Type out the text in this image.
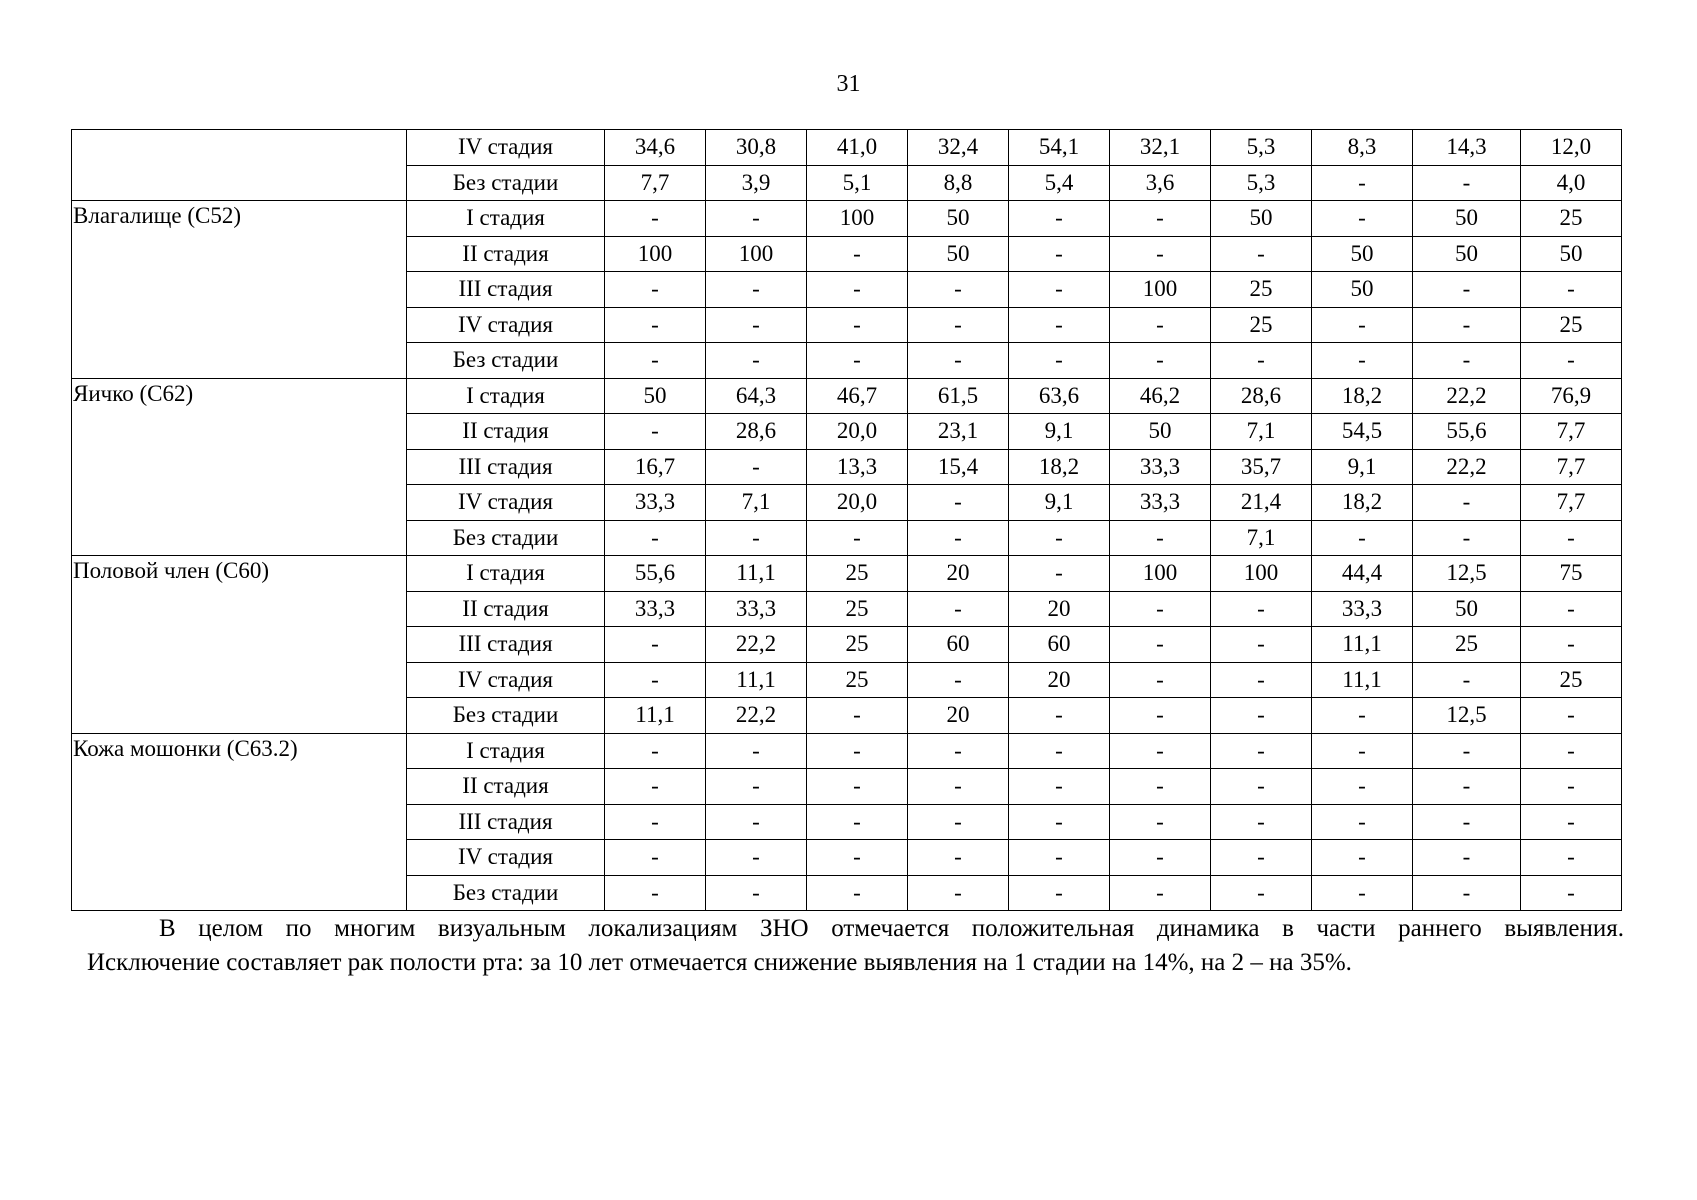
31
	IV стадия	34,6	30,8	41,0	32,4	54,1	32,1	5,3	8,3	14,3	12,0
	Без стадии	7,7	3,9	5,1	8,8	5,4	3,6	5,3	-	-	4,0
Влагалище (С52)	I стадия	-	-	100	50	-	-	50	-	50	25
	II стадия	100	100	-	50	-	-	-	50	50	50
	III стадия	-	-	-	-	-	100	25	50	-	-
	IV стадия	-	-	-	-	-	-	25	-	-	25
	Без стадии	-	-	-	-	-	-	-	-	-	-
Яичко (С62)	I стадия	50	64,3	46,7	61,5	63,6	46,2	28,6	18,2	22,2	76,9
	II стадия	-	28,6	20,0	23,1	9,1	50	7,1	54,5	55,6	7,7
	III стадия	16,7	-	13,3	15,4	18,2	33,3	35,7	9,1	22,2	7,7
	IV стадия	33,3	7,1	20,0	-	9,1	33,3	21,4	18,2	-	7,7
	Без стадии	-	-	-	-	-	-	7,1	-	-	-
Половой член (С60)	I стадия	55,6	11,1	25	20	-	100	100	44,4	12,5	75
	II стадия	33,3	33,3	25	-	20	-	-	33,3	50	-
	III стадия	-	22,2	25	60	60	-	-	11,1	25	-
	IV стадия	-	11,1	25	-	20	-	-	11,1	-	25
	Без стадии	11,1	22,2	-	20	-	-	-	-	12,5	-
Кожа мошонки (С63.2)	I стадия	-	-	-	-	-	-	-	-	-	-
	II стадия	-	-	-	-	-	-	-	-	-	-
	III стадия	-	-	-	-	-	-	-	-	-	-
	IV стадия	-	-	-	-	-	-	-	-	-	-
	Без стадии	-	-	-	-	-	-	-	-	-	-
В целом по многим визуальным локализациям ЗНО отмечается положительная динамика в части раннего выявления.
Исключение составляет рак полости рта: за 10 лет отмечается снижение выявления на 1 стадии на 14%, на 2 – на 35%.
